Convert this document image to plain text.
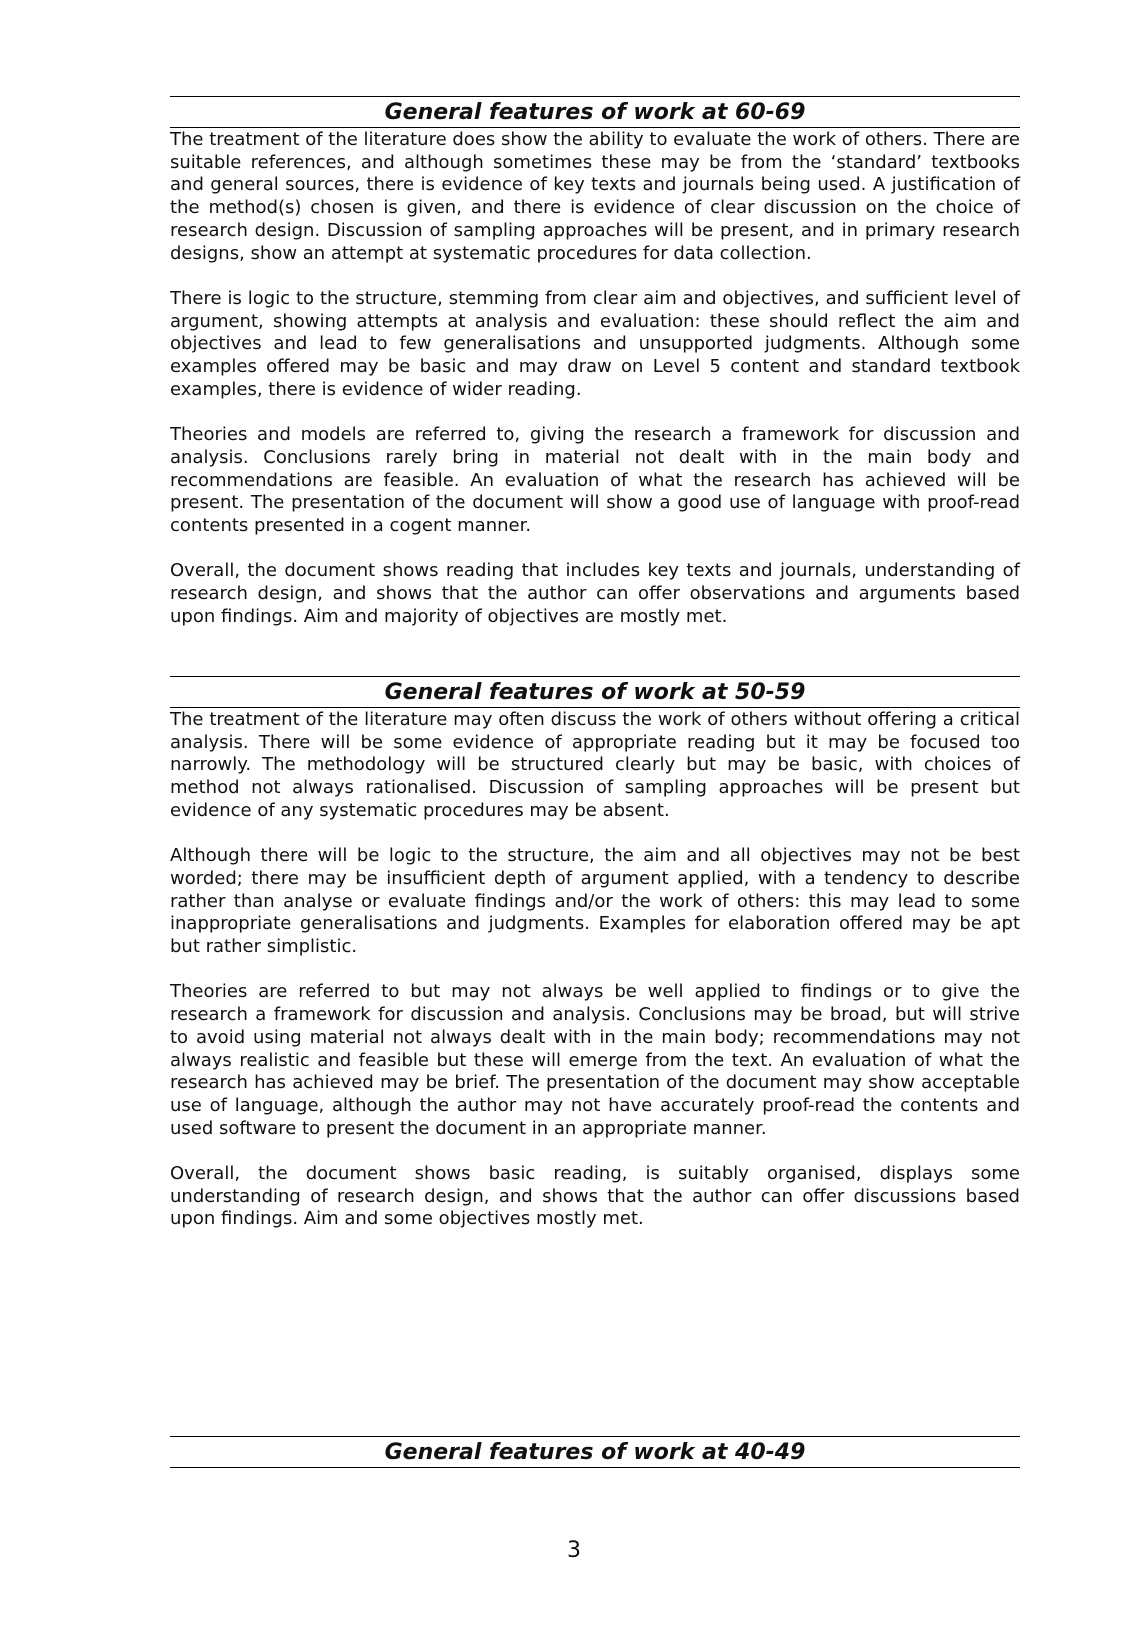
General features of work at 60-69

The treatment of the literature does show the ability to evaluate the work of others. There are suitable references, and although sometimes these may be from the ‘standard’ textbooks and general sources, there is evidence of key texts and journals being used. A justification of the method(s) chosen is given, and there is evidence of clear discussion on the choice of research design. Discussion of sampling approaches will be present, and in primary research designs, show an attempt at systematic procedures for data collection.

There is logic to the structure, stemming from clear aim and objectives, and sufficient level of argument, showing attempts at analysis and evaluation: these should reflect the aim and objectives and lead to few generalisations and unsupported judgments. Although some examples offered may be basic and may draw on Level 5 content and standard textbook examples, there is evidence of wider reading.

Theories and models are referred to, giving the research a framework for discussion and analysis. Conclusions rarely bring in material not dealt with in the main body and recommendations are feasible. An evaluation of what the research has achieved will be present. The presentation of the document will show a good use of language with proof-read contents presented in a cogent manner.

Overall, the document shows reading that includes key texts and journals, understanding of research design, and shows that the author can offer observations and arguments based upon findings. Aim and majority of objectives are mostly met.

General features of work at 50-59

The treatment of the literature may often discuss the work of others without offering a critical analysis. There will be some evidence of appropriate reading but it may be focused too narrowly. The methodology will be structured clearly but may be basic, with choices of method not always rationalised. Discussion of sampling approaches will be present but evidence of any systematic procedures may be absent.

Although there will be logic to the structure, the aim and all objectives may not be best worded; there may be insufficient depth of argument applied, with a tendency to describe rather than analyse or evaluate findings and/or the work of others: this may lead to some inappropriate generalisations and judgments. Examples for elaboration offered may be apt but rather simplistic.

Theories are referred to but may not always be well applied to findings or to give the research a framework for discussion and analysis. Conclusions may be broad, but will strive to avoid using material not always dealt with in the main body; recommendations may not always realistic and feasible but these will emerge from the text. An evaluation of what the research has achieved may be brief. The presentation of the document may show acceptable use of language, although the author may not have accurately proof-read the contents and used software to present the document in an appropriate manner.

Overall, the document shows basic reading, is suitably organised, displays some understanding of research design, and shows that the author can offer discussions based upon findings. Aim and some objectives mostly met.

General features of work at 40-49
3
